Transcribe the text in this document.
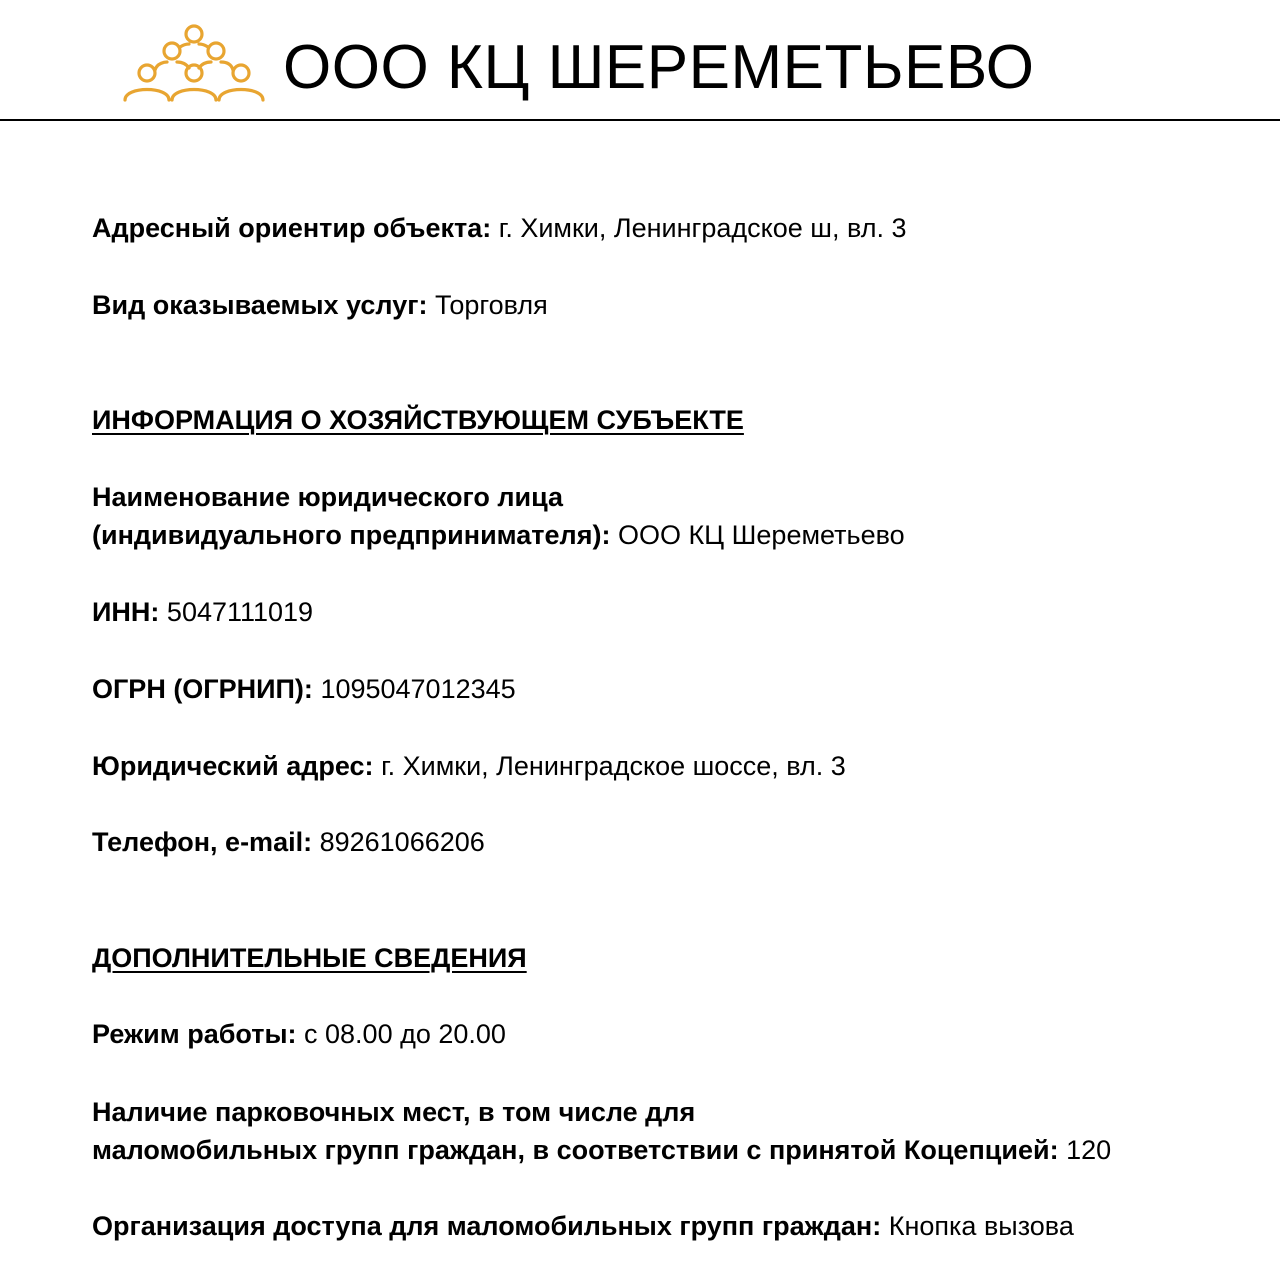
ООО КЦ ШЕРЕМЕТЬЕВО
Адресный ориентир объекта: г. Химки, Ленинградское ш, вл. 3
Вид оказываемых услуг: Торговля
ИНФОРМАЦИЯ О ХОЗЯЙСТВУЮЩЕМ СУБЪЕКТЕ
Наименование юридического лица
(индивидуального предпринимателя): ООО КЦ Шереметьево
ИНН: 5047111019
ОГРН (ОГРНИП): 1095047012345
Юридический адрес: г. Химки, Ленинградское шоссе, вл. 3
Телефон, e-mail: 89261066206
ДОПОЛНИТЕЛЬНЫЕ СВЕДЕНИЯ
Режим работы: с 08.00 до 20.00
Наличие парковочных мест, в том числе для
маломобильных групп граждан, в соответствии с принятой Коцепцией: 120
Организация доступа для маломобильных групп граждан: Кнопка вызова
